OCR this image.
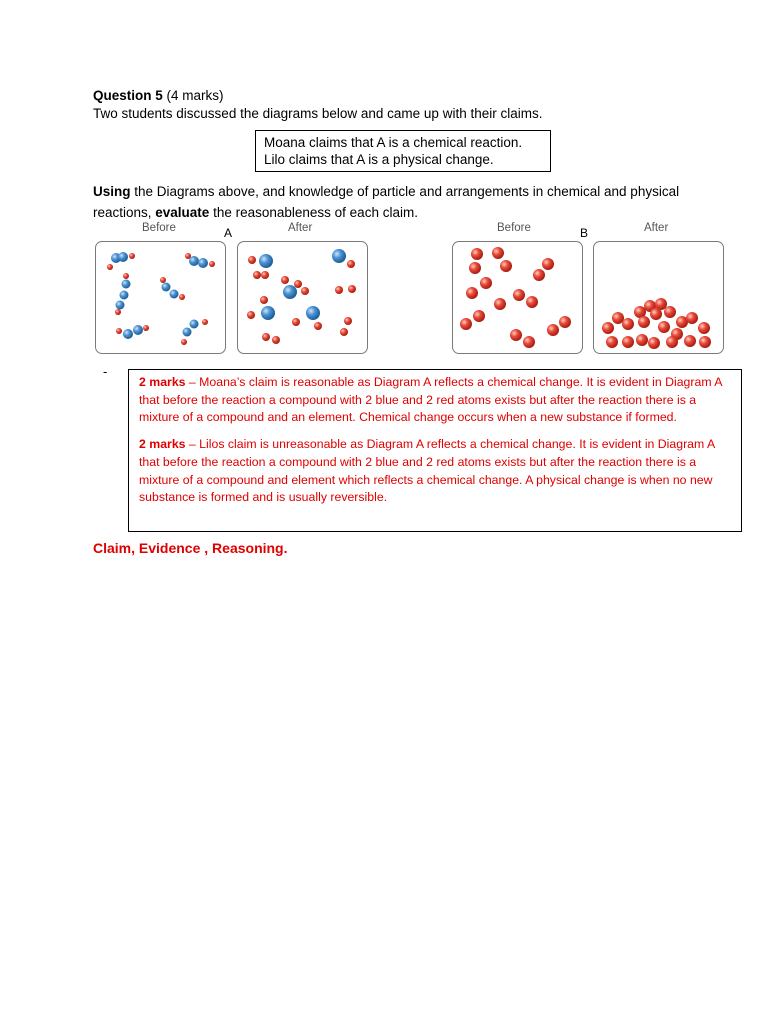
Question 5 (4 marks)
Two students discussed the diagrams below and came up with their claims.
Moana claims that A is a chemical reaction.
Lilo claims that A is a physical change.
Using the Diagrams above, and knowledge of particle and arrangements in chemical and physical reactions, evaluate the reasonableness of each claim.
Before	A	After	Before	B	After
-

2 marks – Moana’s claim is reasonable as Diagram A reflects a chemical change. It is evident in Diagram A that before the reaction a compound with 2 blue and 2 red atoms exists but after the reaction there is a mixture of a compound and an element. Chemical change occurs when a new substance if formed.

2 marks – Lilos claim is unreasonable as Diagram A reflects a chemical change. It is evident in Diagram A that before the reaction a compound with 2 blue and 2 red atoms exists but after the reaction there is a mixture of a compound and element which reflects a chemical change. A physical change is when no new substance is formed and is usually reversible.

Claim, Evidence , Reasoning.
